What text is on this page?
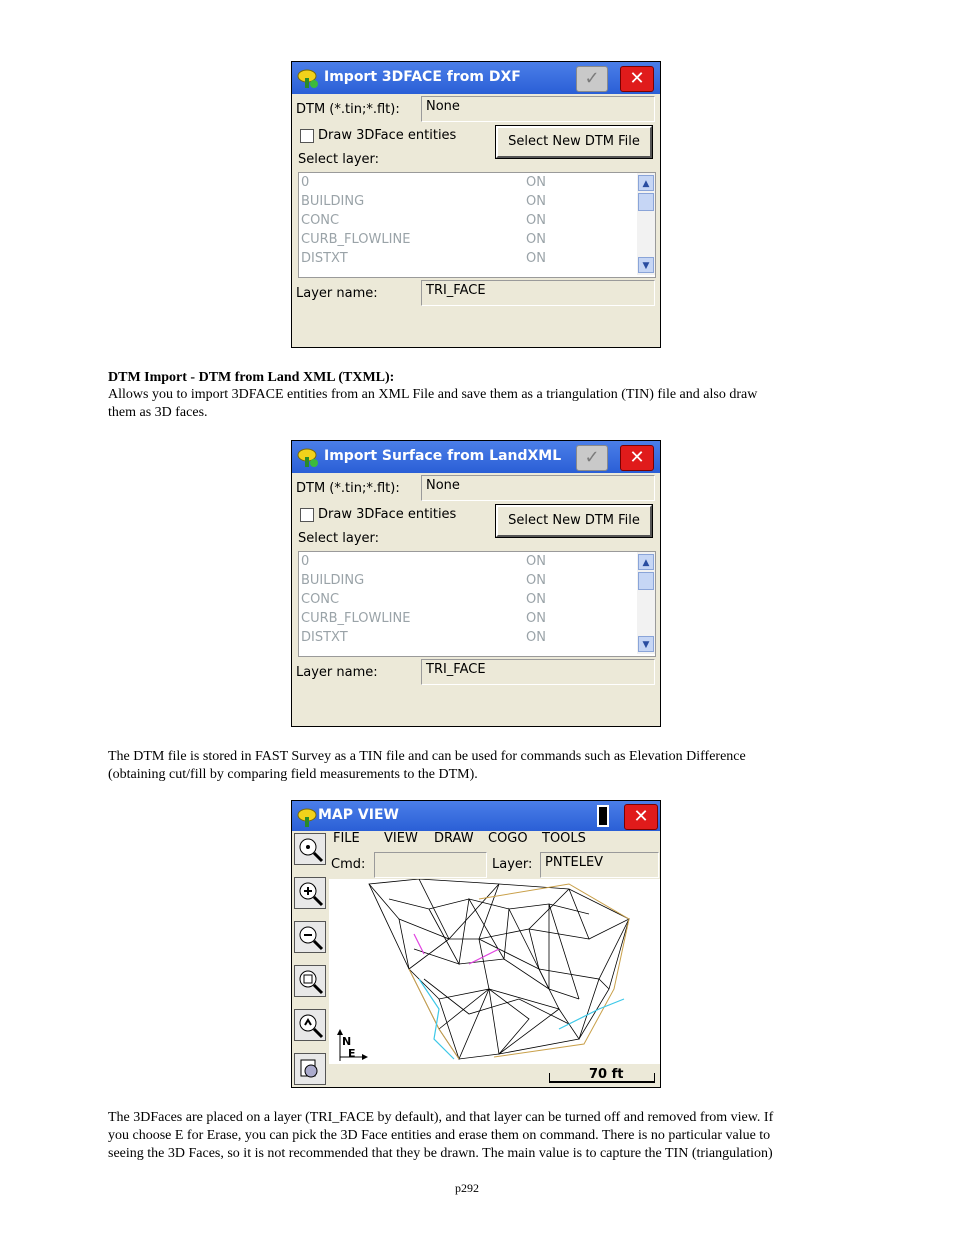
Import 3DFACE from DXF	✓	✕
DTM (*.tin;*.flt):	None
Draw 3DFace entities	Select New DTM File
Select layer:
0	ON
BUILDING	ON
CONC	ON
CURB_FLOWLINE	ON
DISTXT	ON
▲
▼
Layer name:	TRI_FACE
DTM Import - DTM from Land XML (TXML):
Allows you to import 3DFACE entities from an XML File and save them as a triangulation (TIN) file and also draw
them as 3D faces.
Import Surface from LandXML	✓	✕
DTM (*.tin;*.flt):	None
Draw 3DFace entities	Select New DTM File
Select layer:
0	ON
BUILDING	ON
CONC	ON
CURB_FLOWLINE	ON
DISTXT	ON
▲
▼
Layer name:	TRI_FACE
The DTM file is stored in FAST Survey as a TIN file and can be used for commands such as Elevation Difference
(obtaining cut/fill by comparing field measurements to the DTM).
MAP VIEW	✕
FILE VIEW DRAW COGO TOOLS
Cmd:	Layer: PNTELEV
N
E
70 ft
The 3DFaces are placed on a layer (TRI_FACE by default), and that layer can be turned off and removed from view. If
you choose E for Erase, you can pick the 3D Face entities and erase them on command. There is no particular value to
seeing the 3D Faces, so it is not recommended that they be drawn. The main value is to capture the TIN (triangulation)
p292
